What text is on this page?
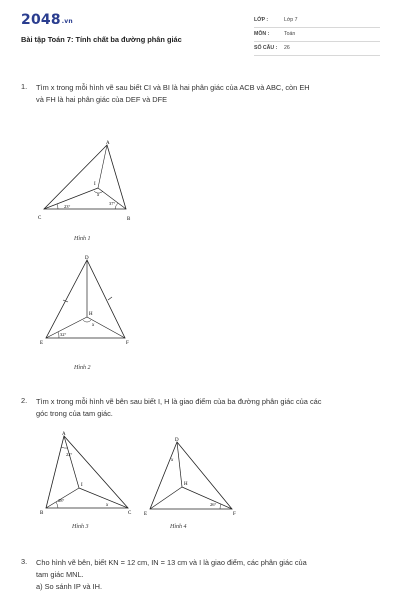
2048.vn
Bài tập Toán 7: Tính chất ba đường phân giác
LỚP :	Lớp 7
MÔN :	Toán
SỐ CÂU : 26
1. Tìm x trong mỗi hình vẽ sau biết CI và BI là hai phân giác của ACB và ABC, còn EH
và FH là hai phân giác của DEF và DFE
A
C	B
I
x
23°
37°
Hình 1
D
E	F
H
x
32°
Hình 2
2. Tìm x trong mỗi hình vẽ bên sau biết I, H là giao điểm của ba đường phân giác của các
góc trong của tam giác.
A
B	C
I
x
22°
28°
Hình 3
D
E	F
H
x
26°
Hình 4
3. Cho hình vẽ bên, biết KN = 12 cm, IN = 13 cm và I là giao điểm, các phân giác của
tam giác MNL.
a) So sánh IP và IH.
